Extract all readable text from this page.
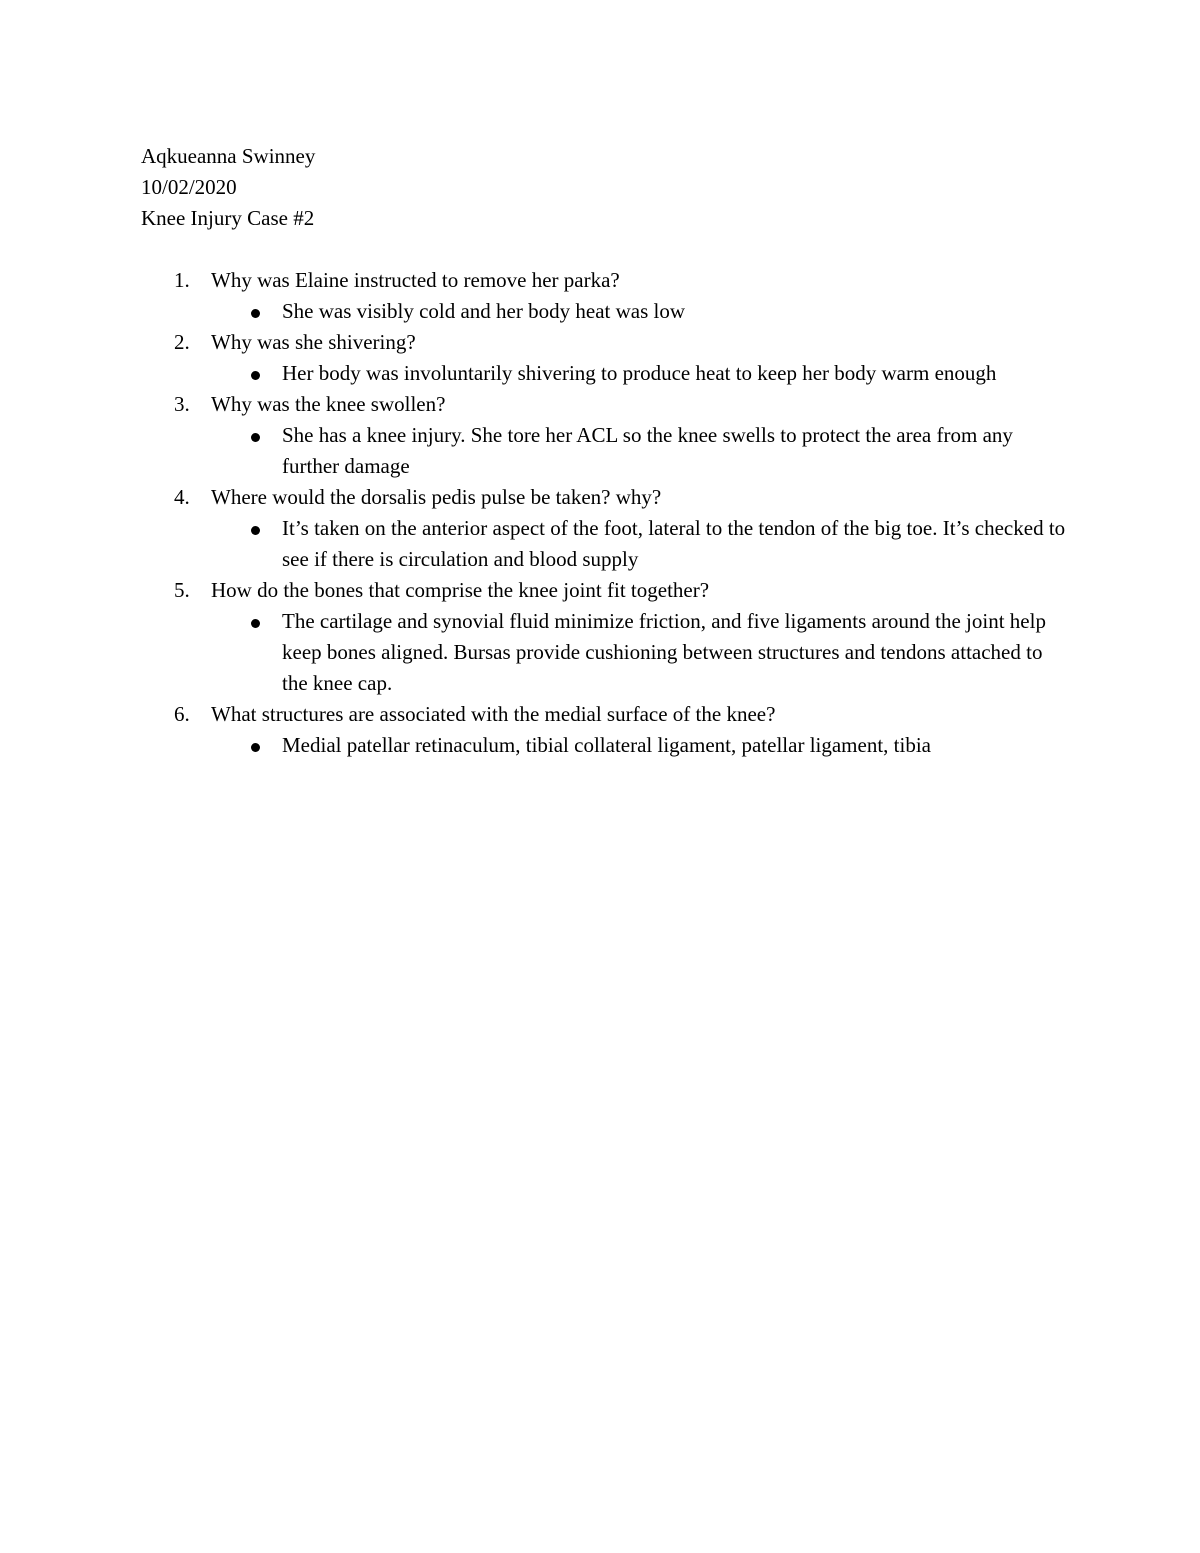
Aqkueanna Swinney
10/02/2020
Knee Injury Case #2
1. Why was Elaine instructed to remove her parka?
She was visibly cold and her body heat was low
2. Why was she shivering?
Her body was involuntarily shivering to produce heat to keep her body warm enough
3. Why was the knee swollen?
She has a knee injury. She tore her ACL so the knee swells to protect the area from any further damage
4. Where would the dorsalis pedis pulse be taken? why?
It’s taken on the anterior aspect of the foot, lateral to the tendon of the big toe. It’s checked to see if there is circulation and blood supply
5. How do the bones that comprise the knee joint fit together?
The cartilage and synovial fluid minimize friction, and five ligaments around the joint help keep bones aligned. Bursas provide cushioning between structures and tendons attached to the knee cap.
6. What structures are associated with the medial surface of the knee?
Medial patellar retinaculum, tibial collateral ligament, patellar ligament, tibia
